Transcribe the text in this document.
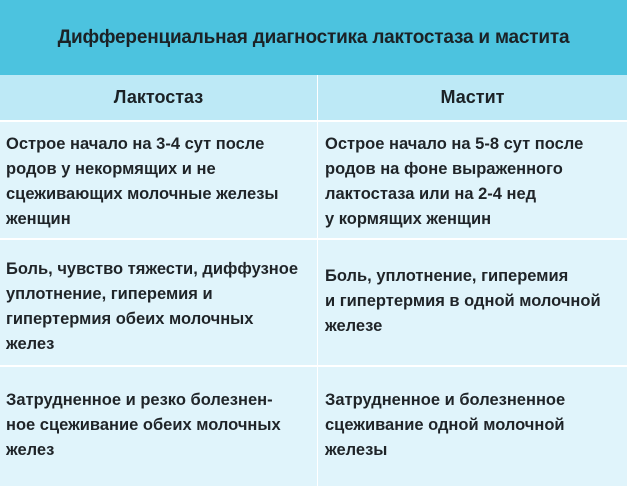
Дифференциальная диагностика лактостаза и мастита
Лактостаз	Мастит
Острое начало на 3-4 сут после
родов у некормящих и не
сцеживающих молочные железы
женщин
Острое начало на 5-8 сут после
родов на фоне выраженного
лактостаза или на 2-4 нед
у кормящих женщин
Боль, чувство тяжести, диффузное
уплотнение, гиперемия и
гипертермия обеих молочных
желез
Боль, уплотнение, гиперемия
и гипертермия в одной молочной
железе
Затрудненное и резко болезнен-
ное сцеживание обеих молочных
желез
Затрудненное и болезненное
сцеживание одной молочной
железы
